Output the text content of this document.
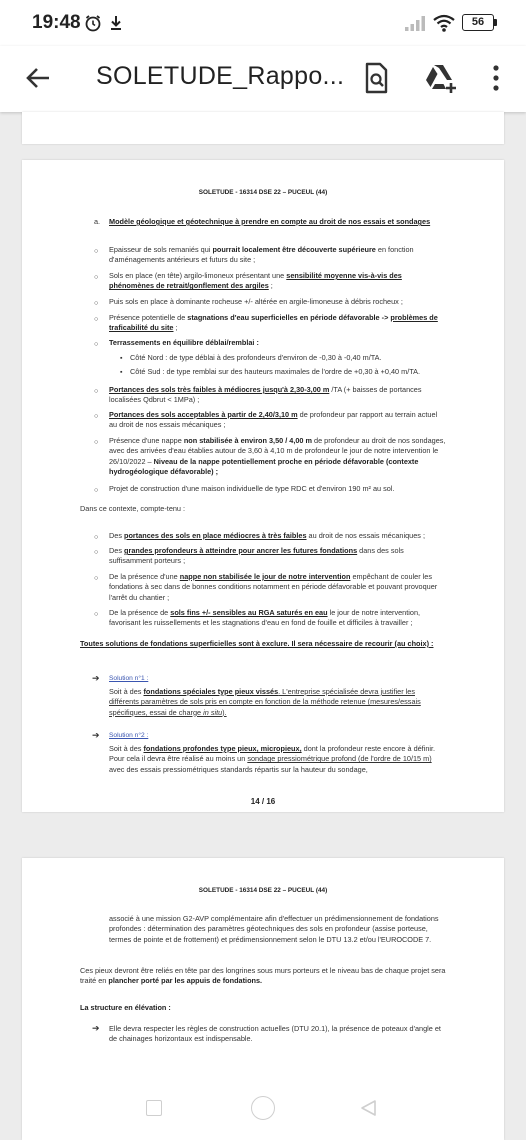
19:48	56
SOLETUDE_Rappo...
SOLETUDE - 16314 DSE 22 – PUCEUL (44)
a. Modèle géologique et géotechnique à prendre en compte au droit de nos essais et sondages
○ Epaisseur de sols remaniés qui pourrait localement être découverte supérieure en fonction d'aménagements antérieurs et futurs du site ;
○ Sols en place (en tête) argilo-limoneux présentant une sensibilité moyenne vis-à-vis des phénomènes de retrait/gonflement des argiles ;
○ Puis sols en place à dominante rocheuse +/- altérée en argile-limoneuse à débris rocheux ;
○ Présence potentielle de stagnations d'eau superficielles en période défavorable -> problèmes de traficabilité du site ;
○ Terrassements en équilibre déblai/remblai :
▪ Côté Nord : de type déblai à des profondeurs d'environ de -0,30 à -0,40 m/TA.
▪ Côté Sud : de type remblai sur des hauteurs maximales de l'ordre de +0,30 à +0,40 m/TA.
○ Portances des sols très faibles à médiocres jusqu'à 2,30-3,00 m /TA (+ baisses de portances localisées Qdbrut < 1MPa) ;
○ Portances des sols acceptables à partir de 2,40/3,10 m de profondeur par rapport au terrain actuel au droit de nos essais mécaniques ;
○ Présence d'une nappe non stabilisée à environ 3,50 / 4,00 m de profondeur au droit de nos sondages, avec des arrivées d'eau établies autour de 3,60 à 4,10 m de profondeur le jour de notre intervention le 26/10/2022 – Niveau de la nappe potentiellement proche en période défavorable (contexte hydrogéologique défavorable) ;
○ Projet de construction d'une maison individuelle de type RDC et d'environ 190 m² au sol.
Dans ce contexte, compte-tenu :
○ Des portances des sols en place médiocres à très faibles au droit de nos essais mécaniques ;
○ Des grandes profondeurs à atteindre pour ancrer les futures fondations dans des sols suffisamment porteurs ;
○ De la présence d'une nappe non stabilisée le jour de notre intervention empêchant de couler les fondations à sec dans de bonnes conditions notamment en période défavorable et pouvant provoquer l'arrêt du chantier ;
○ De la présence de sols fins +/- sensibles au RGA saturés en eau le jour de notre intervention, favorisant les ruissellements et les stagnations d'eau en fond de fouille et difficiles à travailler ;
Toutes solutions de fondations superficielles sont à exclure. Il sera nécessaire de recourir (au choix) :
➔ Solution n°1 :
Soit à des fondations spéciales type pieux vissés. L'entreprise spécialisée devra justifier les différents paramètres de sols pris en compte en fonction de la méthode retenue (mesures/essais spécifiques, essai de charge in situ).
➔ Solution n°2 :
Soit à des fondations profondes type pieux, micropieux, dont la profondeur reste encore à définir. Pour cela il devra être réalisé au moins un sondage pressiométrique profond (de l'ordre de 10/15 m) avec des essais pressiométriques standards répartis sur la hauteur du sondage,
14 / 16
SOLETUDE - 16314 DSE 22 – PUCEUL (44)
associé à une mission G2-AVP complémentaire afin d'effectuer un prédimensionnement de fondations profondes : détermination des paramètres géotechniques des sols en profondeur (assise porteuse, termes de pointe et de frottement) et prédimensionnement selon le DTU 13.2 et/ou l'EUROCODE 7.
Ces pieux devront être reliés en tête par des longrines sous murs porteurs et le niveau bas de chaque projet sera traité en plancher porté par les appuis de fondations.
La structure en élévation :
➔ Elle devra respecter les règles de construction actuelles (DTU 20.1), la présence de poteaux d'angle et de chainages horizontaux est indispensable.
